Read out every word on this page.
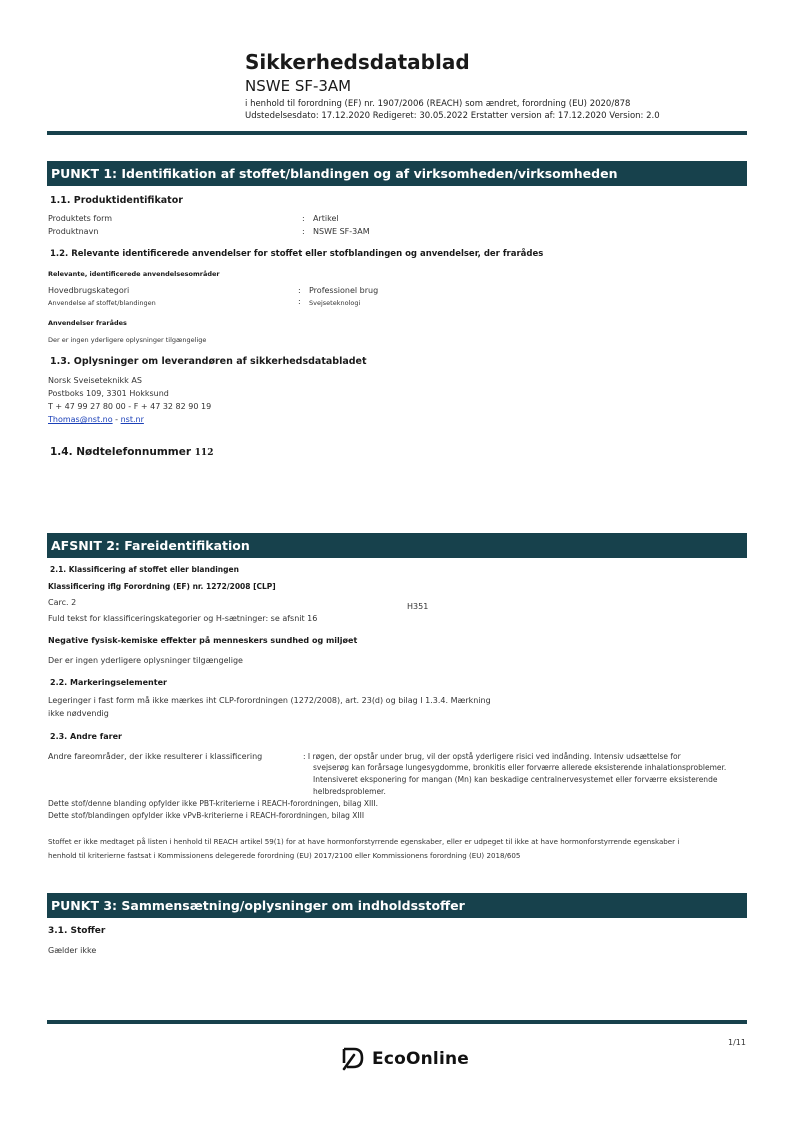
Sikkerhedsdatablad
NSWE SF-3AM
i henhold til forordning (EF) nr. 1907/2006 (REACH) som ændret, forordning (EU) 2020/878
Udstedelsesdato: 17.12.2020 Redigeret: 30.05.2022 Erstatter version af: 17.12.2020 Version: 2.0
PUNKT 1: Identifikation af stoffet/blandingen og af virksomheden/virksomheden
1.1. Produktidentifikator
Produktets form	: Artikel
Produktnavn	: NSWE SF-3AM
1.2. Relevante identificerede anvendelser for stoffet eller stofblandingen og anvendelser, der frarådes
Relevante, identificerede anvendelsesområder
Hovedbrugskategori	: Professionel brug
Anvendelse af stoffet/blandingen	: Svejseteknologi
Anvendelser frarådes
Der er ingen yderligere oplysninger tilgængelige
1.3. Oplysninger om leverandøren af sikkerhedsdatabladet
Norsk Sveiseteknikk AS
Postboks 109, 3301 Hokksund
T + 47 99 27 80 00 - F + 47 32 82 90 19
Thomas@nst.no - nst.nr
1.4. Nødtelefonnummer 112
AFSNIT 2: Fareidentifikation
2.1. Klassificering af stoffet eller blandingen
Klassificering iflg Forordning (EF) nr. 1272/2008 [CLP]
Carc. 2	H351
Fuld tekst for klassificeringskategorier og H-sætninger: se afsnit 16
Negative fysisk-kemiske effekter på menneskers sundhed og miljøet
Der er ingen yderligere oplysninger tilgængelige
2.2. Markeringselementer
Legeringer i fast form må ikke mærkes iht CLP-forordningen (1272/2008), art. 23(d) og bilag I 1.3.4. Mærkning
ikke nødvendig
2.3. Andre farer
Andre fareområder, der ikke resulterer i klassificering	: I røgen, der opstår under brug, vil der opstå yderligere risici ved indånding. Intensiv udsættelse for
svejserøg kan forårsage lungesygdomme, bronkitis eller forværre allerede eksisterende inhalationsproblemer.
Intensiveret eksponering for mangan (Mn) kan beskadige centralnervesystemet eller forværre eksisterende
helbredsproblemer.
Dette stof/denne blanding opfylder ikke PBT-kriterierne i REACH-forordningen, bilag XIII.
Dette stof/blandingen opfylder ikke vPvB-kriterierne i REACH-forordningen, bilag XIII
Stoffet er ikke medtaget på listen i henhold til REACH artikel 59(1) for at have hormonforstyrrende egenskaber, eller er udpeget til ikke at have hormonforstyrrende egenskaber i
henhold til kriterierne fastsat i Kommissionens delegerede forordning (EU) 2017/2100 eller Kommissionens forordning (EU) 2018/605
PUNKT 3: Sammensætning/oplysninger om indholdsstoffer
3.1. Stoffer
Gælder ikke
1/11
EcoOnline
